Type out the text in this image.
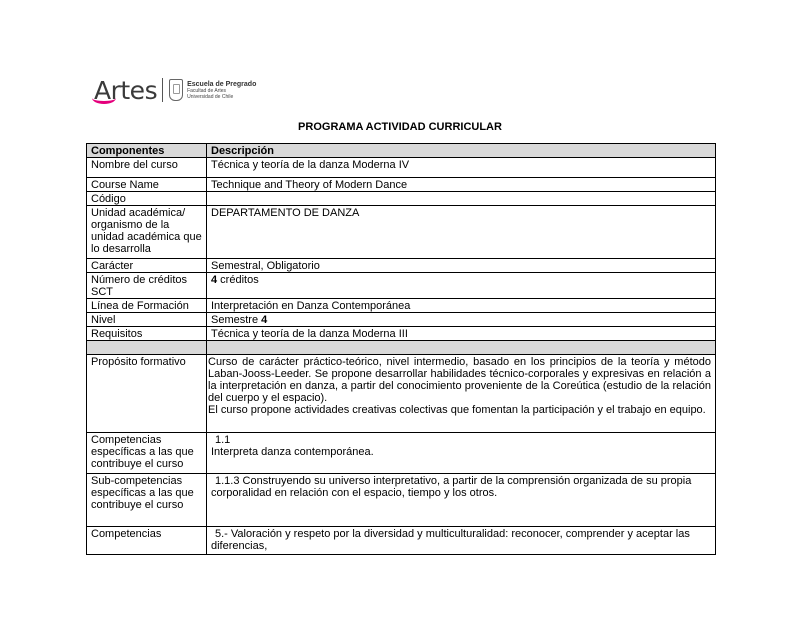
Artes	Escuela de Pregrado
Facultad de Artes
Universidad de Chile
PROGRAMA ACTIVIDAD CURRICULAR
Componentes	Descripción
Nombre del curso	Técnica y teoría de la danza Moderna IV
Course Name	Technique and Theory of Modern Dance
Código	
Unidad académica/ organismo de la unidad académica que lo desarrolla	DEPARTAMENTO DE DANZA
Carácter	Semestral, Obligatorio
Número de créditos SCT	4 créditos
Línea de Formación	Interpretación en Danza Contemporánea
Nivel	Semestre 4
Requisitos	Técnica y teoría de la danza Moderna III

Propósito formativo	Curso de carácter práctico-teórico, nivel intermedio, basado en los principios de la teoría y método Laban-Jooss-Leeder. Se propone desarrollar habilidades técnico-corporales y expresivas en relación a la interpretación en danza, a partir del conocimiento proveniente de la Coreútica (estudio de la relación del cuerpo y el espacio).
El curso propone actividades creativas colectivas que fomentan la participación y el trabajo en equipo.

Competencias específicas a las que contribuye el curso	1.1
Interpreta danza contemporánea.

Sub-competencias específicas a las que contribuye el curso	1.1.3 Construyendo su universo interpretativo, a partir de la comprensión organizada de su propia corporalidad en relación con el espacio, tiempo y los otros.

Competencias	5.- Valoración y respeto por la diversidad y multiculturalidad: reconocer, comprender y aceptar las diferencias,
